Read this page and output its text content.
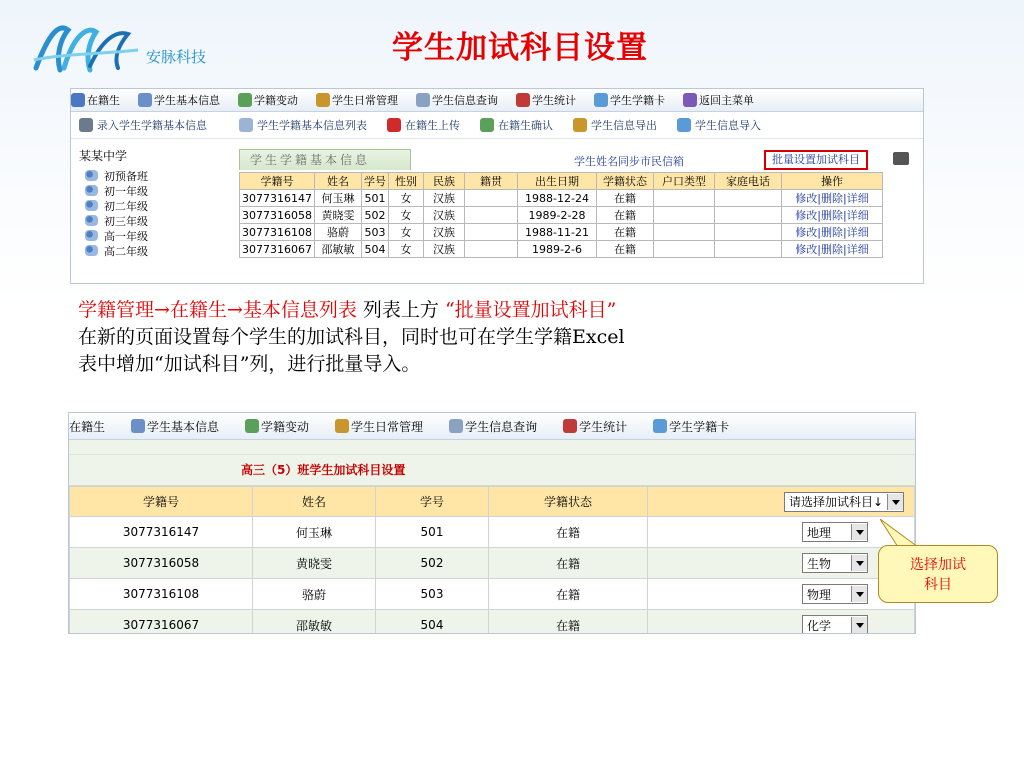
安脉科技	学生加试科目设置
在籍生	学生基本信息	学籍变动	学生日常管理	学生信息查询	学生统计	学生学籍卡	返回主菜单
录入学生学籍基本信息	学生学籍基本信息列表	在籍生上传	在籍生确认	学生信息导出	学生信息导入
某某中学
初预备班
初一年级
初二年级
初三年级
高一年级
高二年级
学生学籍基本信息	学生姓名同步市民信箱	批量设置加试科目
学籍号	姓名	学号	性别	民族	籍贯	出生日期	学籍状态	户口类型	家庭电话	操作
3077316147	何玉琳	501	女	汉族		1988-12-24	在籍			修改|删除|详细
3077316058	黄晓雯	502	女	汉族		1989-2-28	在籍			修改|删除|详细
3077316108	骆蔚	503	女	汉族		1988-11-21	在籍			修改|删除|详细
3077316067	邵敏敏	504	女	汉族		1989-2-6	在籍			修改|删除|详细
学籍管理→在籍生→基本信息列表 列表上方 “批量设置加试科目”
在新的页面设置每个学生的加试科目，同时也可在学生学籍Excel
表中增加“加试科目”列，进行批量导入。
在籍生	学生基本信息	学籍变动	学生日常管理	学生信息查询	学生统计	学生学籍卡
高三（5）班学生加试科目设置
学籍号	姓名	学号	学籍状态	请选择加试科目↓

3077316147	何玉琳	501	在籍	地理

3077316058	黄晓雯	502	在籍	生物

3077316108	骆蔚	503	在籍	物理

3077316067	邵敏敏	504	在籍	化学
选择加试
科目
